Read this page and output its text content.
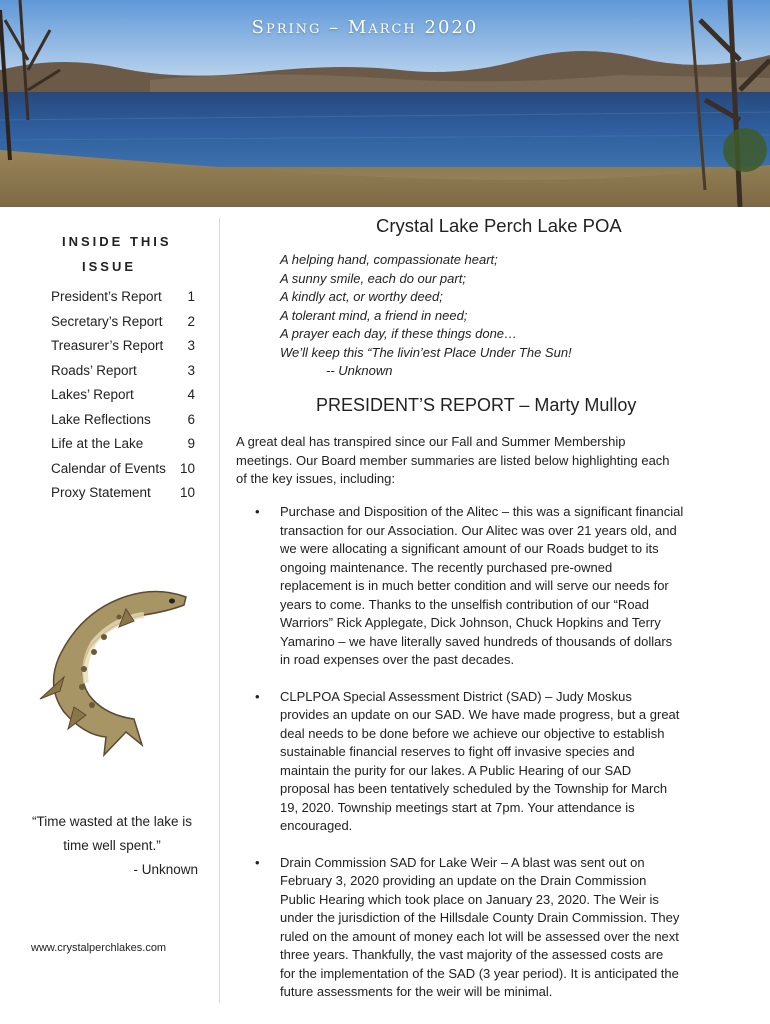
Spring – March 2020
INSIDE THIS
ISSUE
President’s Report 1
Secretary’s Report 2
Treasurer’s Report 3
Roads’ Report	3
Lakes’ Report	4
Lake Reflections	6
Life at the Lake	9
Calendar of Events 10
Proxy Statement 10
“Time wasted at the lake is
time well spent.”
- Unknown
www.crystalperchlakes.com
Crystal Lake Perch Lake POA
A helping hand, compassionate heart;
A sunny smile, each do our part;
A kindly act, or worthy deed;
A tolerant mind, a friend in need;
A prayer each day, if these things done…
We’ll keep this “The livin’est Place Under The Sun!
-- Unknown
PRESIDENT’S REPORT – Marty Mulloy
A great deal has transpired since our Fall and Summer Membership
meetings. Our Board member summaries are listed below highlighting each
of the key issues, including:
• Purchase and Disposition of the Alitec – this was a significant financial
transaction for our Association. Our Alitec was over 21 years old, and
we were allocating a significant amount of our Roads budget to its
ongoing maintenance. The recently purchased pre-owned
replacement is in much better condition and will serve our needs for
years to come. Thanks to the unselfish contribution of our “Road
Warriors” Rick Applegate, Dick Johnson, Chuck Hopkins and Terry
Yamarino – we have literally saved hundreds of thousands of dollars
in road expenses over the past decades.
• CLPLPOA Special Assessment District (SAD) – Judy Moskus
provides an update on our SAD. We have made progress, but a great
deal needs to be done before we achieve our objective to establish
sustainable financial reserves to fight off invasive species and
maintain the purity for our lakes. A Public Hearing of our SAD
proposal has been tentatively scheduled by the Township for March
19, 2020. Township meetings start at 7pm. Your attendance is
encouraged.
• Drain Commission SAD for Lake Weir – A blast was sent out on
February 3, 2020 providing an update on the Drain Commission
Public Hearing which took place on January 23, 2020. The Weir is
under the jurisdiction of the Hillsdale County Drain Commission. They
ruled on the amount of money each lot will be assessed over the next
three years. Thankfully, the vast majority of the assessed costs are
for the implementation of the SAD (3 year period). It is anticipated the
future assessments for the weir will be minimal.
